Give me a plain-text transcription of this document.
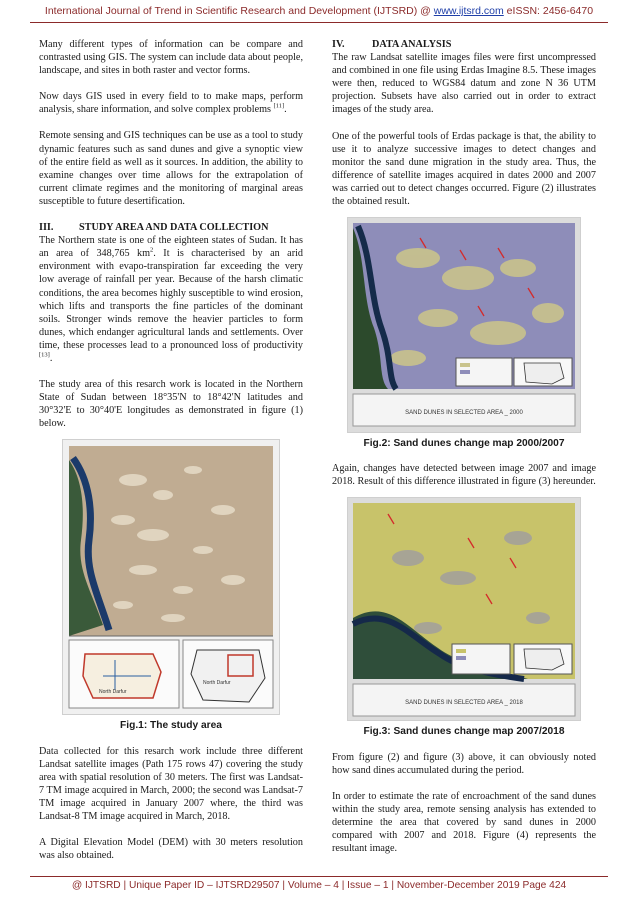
International Journal of Trend in Scientific Research and Development (IJTSRD) @ www.ijtsrd.com eISSN: 2456-6470

Many different types of information can be compare and contrasted using GIS. The system can include data about people, landscape, and sites in both raster and vector forms.

Now days GIS used in every field to to make maps, perform analysis, share information, and solve complex problems [11].

Remote sensing and GIS techniques can be use as a tool to study dynamic features such as sand dunes and give a synoptic view of the entire field as well as it sources. In addition, the ability to examine changes over time allows for the extrapolation of current climate regimes and the monitoring of marginal areas susceptible to future desertification.

III.	STUDY AREA AND DATA COLLECTION

The Northern state is one of the eighteen states of Sudan. It has an area of 348,765 $km^2$. It is characterised by an arid environment with evapo-transpiration far exceeding the very low average of rainfall per year. Because of the harsh climatic conditions, the area becomes highly susceptible to wind erosion, which lifts and transports the fine particles of the dominant soils. Stronger winds remove the heavier particles to form dunes, which endanger agricultural lands and settlements. Over time, these processes lead to a pronounced loss of productivity [13].

The study area of this resarch work is located in the Northern State of Sudan between 18°35'N to 18°42'N latitudes and 30°32'E to 30°40'E longitudes as demonstrated in figure (1) below.

North Darfur
North Darfur
Fig.1: The study area

Data collected for this resarch work include three different Landsat satellite images (Path 175 rows 47) covering the study area with spatial resolution of 30 meters. The first was Landsat-7 TM image acquired in March, 2000; the second was Landsat-7 TM image acquired in January 2007 where, the third was Landsat-8 TM image acquired in March, 2018.

A Digital Elevation Model (DEM) with 30 meters resolution was also obtained.

IV.	DATA ANALYSIS

The raw Landsat satellite images files were first uncompressed and combined in one file using Erdas Imagine 8.5. These images were then, reduced to WGS84 datum and zone N 36 UTM projection. Subsets have also carried out in order to extract images of the study area.

One of the powerful tools of Erdas package is that, the ability to use it to analyze successive images to detect changes and monitor the sand dune migration in the study area. Thus, the difference of satellite images acquired in dates 2000 and 2007 was carried out to detect changes occurred. Figure (2) illustrates the obtained result.

SAND DUNES IN SELECTED AREA _ 2000
Fig.2: Sand dunes change map 2000/2007

Again, changes have detected between image 2007 and image 2018. Result of this difference illustrated in figure (3) hereunder.

SAND DUNES IN SELECTED AREA _ 2018
Fig.3: Sand dunes change map 2007/2018

From figure (2) and figure (3) above, it can obviously noted how sand dines accumulated during the period.

In order to estimate the rate of encroachment of the sand dunes within the study area, remote sensing analysis has extended to determine the area that covered by sand dunes in 2000 compared with 2007 and 2018. Figure (4) represents the resultant image.

@ IJTSRD | Unique Paper ID – IJTSRD29507 | Volume – 4 | Issue – 1 | November-December 2019 Page 424
